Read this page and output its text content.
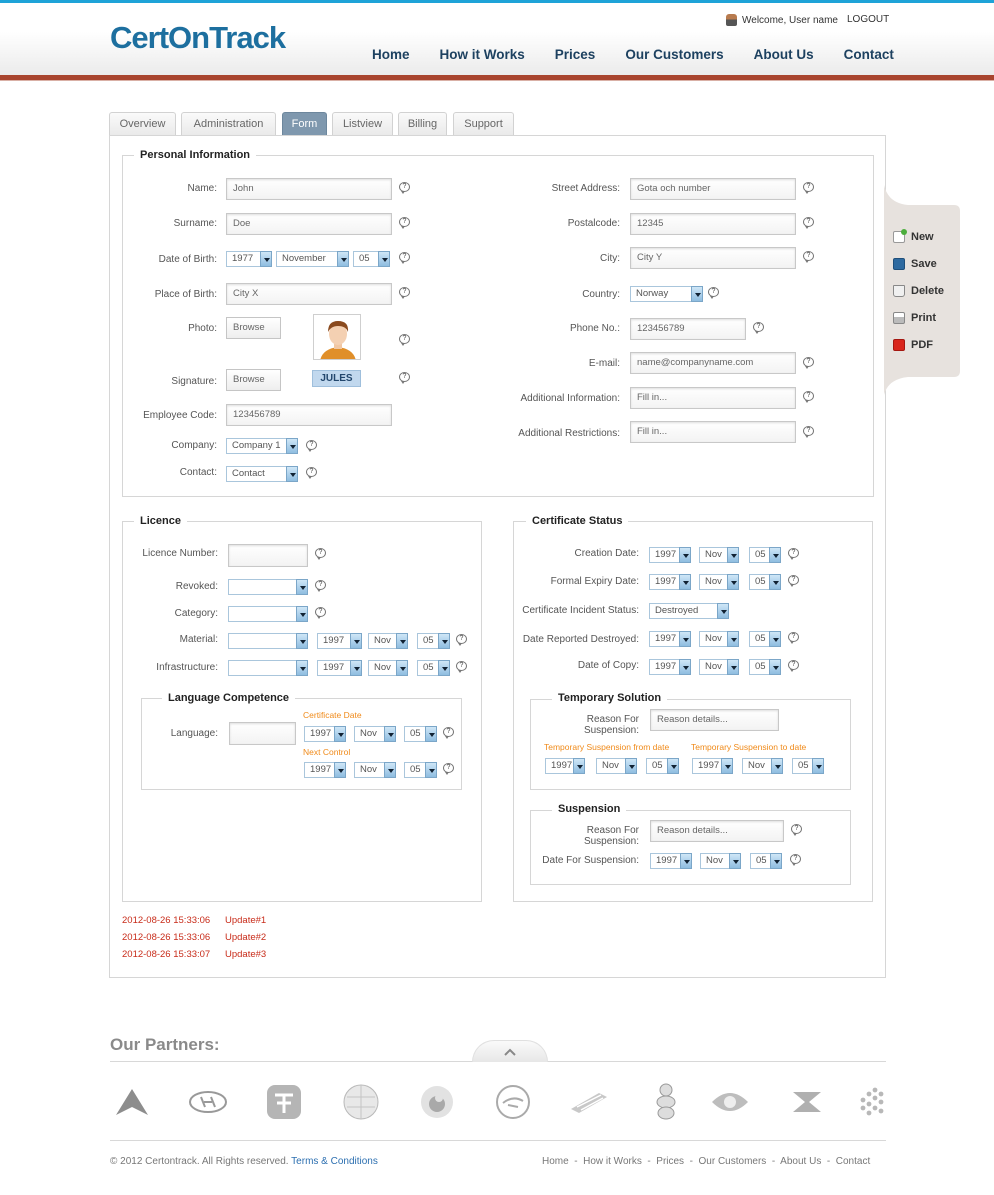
CertOnTrack	Welcome, User name LOGOUT
Home How it Works Prices Our Customers About Us Contact
Overview	Administration	Form	Listview	Billing	Support
Personal Information
Name:	John	?
Surname:	Doe	?
Date of Birth:	1977	November	05	?
Place of Birth:	City X	?
Photo:	Browse
?
Signature:	Browse	JULES	?
Employee Code:	123456789
Company:	Company 1	?
Contact:	Contact	?
Street Address:	Gota och number	?
Postalcode:	12345	?
City:	City Y	?
Country:	Norway	?
Phone No.:	123456789	?
E-mail:	name@companyname.com	?
Additional Information:	Fill in...	?
Additional Restrictions:	Fill in...	?
Licence
Licence Number:	?
Revoked:	?
Category:	?
Material:	1997	Nov	05	?
Infrastructure:	1997	Nov	05	?
Language Competence
Language:
Certificate Date
1997	Nov	05	?
Next Control
1997	Nov	05	?
Certificate Status
Creation Date:	1997	Nov	05	?
Formal Expiry Date:	1997	Nov	05	?
Certificate Incident Status:	Destroyed
Date Reported Destroyed:	1997	Nov	05	?
Date of Copy:	1997	Nov	05	?
Temporary Solution
Reason For Suspension:
Reason details...
Temporary Suspension from date	Temporary Suspension to date
1997	Nov	05	1997	Nov	05
Suspension
Reason For Suspension:
Reason details...	?
Date For Suspension:	1997	Nov	05	?
2012-08-26 15:33:06 Update#1
2012-08-26 15:33:06 Update#2
2012-08-26 15:33:07 Update#3
New
Save
Delete
Print
PDF
Our Partners:
© 2012 Certontrack. All Rights reserved. Terms & Conditions	Home  -  How it Works  -  Prices  -  Our Customers  -  About Us  -  Contact
